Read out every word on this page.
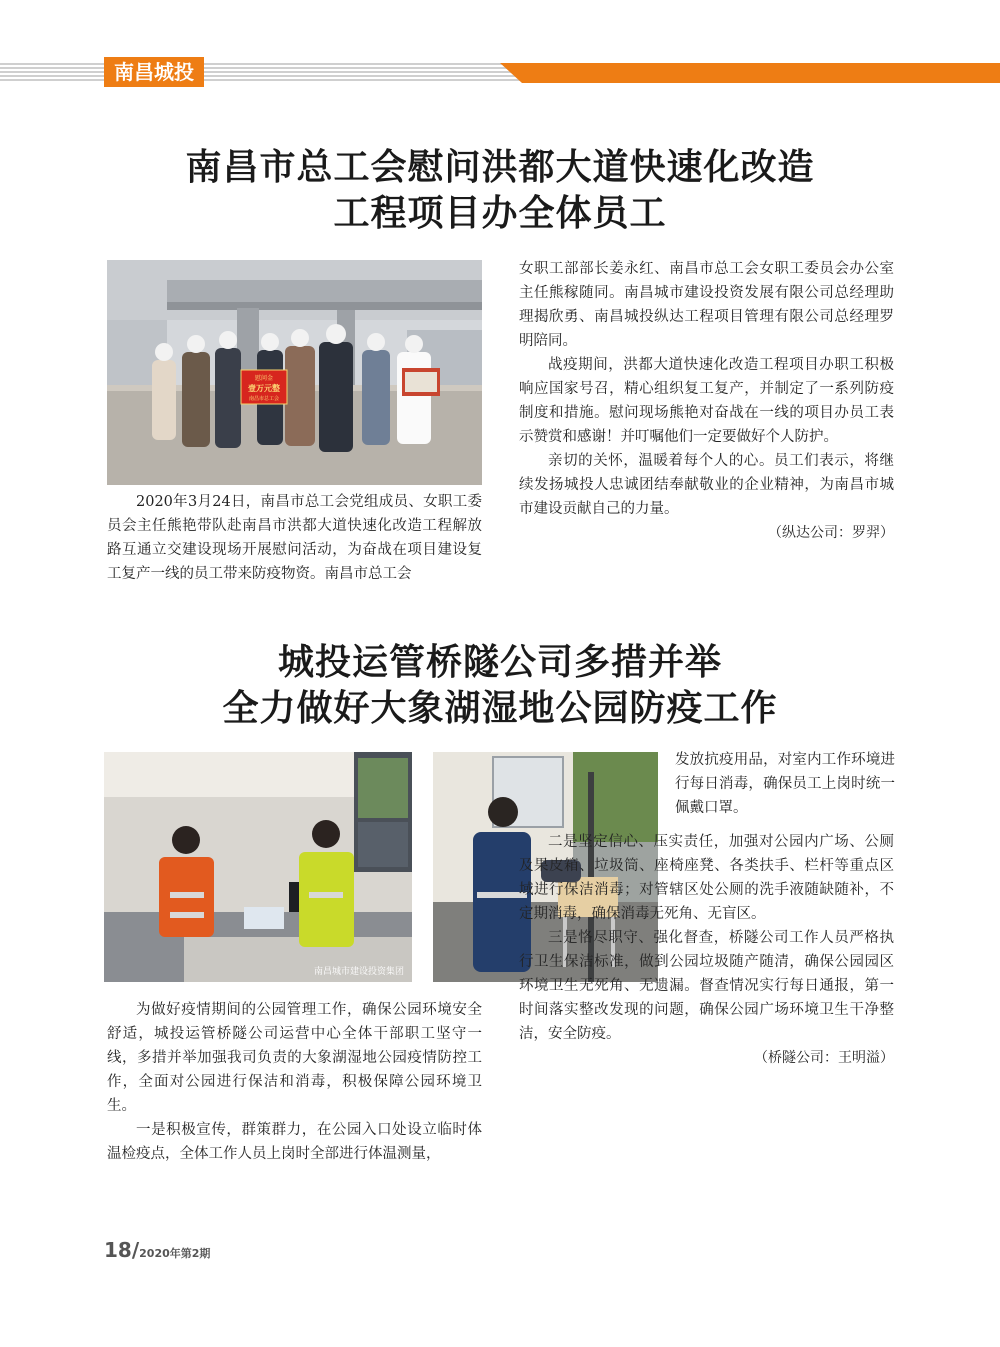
南昌城投
南昌市总工会慰问洪都大道快速化改造
工程项目办全体员工
慰问金
壹万元整
南昌市总工会

2020年3月24日，南昌市总工会党组成员、女职工委员会主任熊艳带队赴南昌市洪都大道快速化改造工程解放路互通立交建设现场开展慰问活动，为奋战在项目建设复工复产一线的员工带来防疫物资。南昌市总工会

女职工部部长姜永红、南昌市总工会女职工委员会办公室主任熊稼随同。南昌城市建设投资发展有限公司总经理助理揭欣勇、南昌城投纵达工程项目管理有限公司总经理罗明陪同。

战疫期间，洪都大道快速化改造工程项目办职工积极响应国家号召，精心组织复工复产，并制定了一系列防疫制度和措施。慰问现场熊艳对奋战在一线的项目办员工表示赞赏和感谢！并叮嘱他们一定要做好个人防护。

亲切的关怀，温暖着每个人的心。员工们表示，将继续发扬城投人忠诚团结奉献敬业的企业精神，为南昌市城市建设贡献自己的力量。

（纵达公司：罗羿）

城投运管桥隧公司多措并举
全力做好大象湖湿地公园防疫工作
南昌城市建设投资集团

为做好疫情期间的公园管理工作，确保公园环境安全舒适，城投运管桥隧公司运营中心全体干部职工坚守一线，多措并举加强我司负责的大象湖湿地公园疫情防控工作，全面对公园进行保洁和消毒，积极保障公园环境卫生。

一是积极宣传，群策群力，在公园入口处设立临时体温检疫点，全体工作人员上岗时全部进行体温测量，

发放抗疫用品，对室内工作环境进行每日消毒，确保员工上岗时统一佩戴口罩。

二是坚定信心、压实责任，加强对公园内广场、公厕及果皮箱、垃圾筒、座椅座凳、各类扶手、栏杆等重点区域进行保洁消毒；对管辖区处公厕的洗手液随缺随补，不定期消毒，确保消毒无死角、无盲区。

三是恪尽职守、强化督查，桥隧公司工作人员严格执行卫生保洁标准，做到公园垃圾随产随清，确保公园园区环境卫生无死角、无遗漏。督查情况实行每日通报，第一时间落实整改发现的问题，确保公园广场环境卫生干净整洁，安全防疫。

（桥隧公司：王明溢）

18/2020年第2期
